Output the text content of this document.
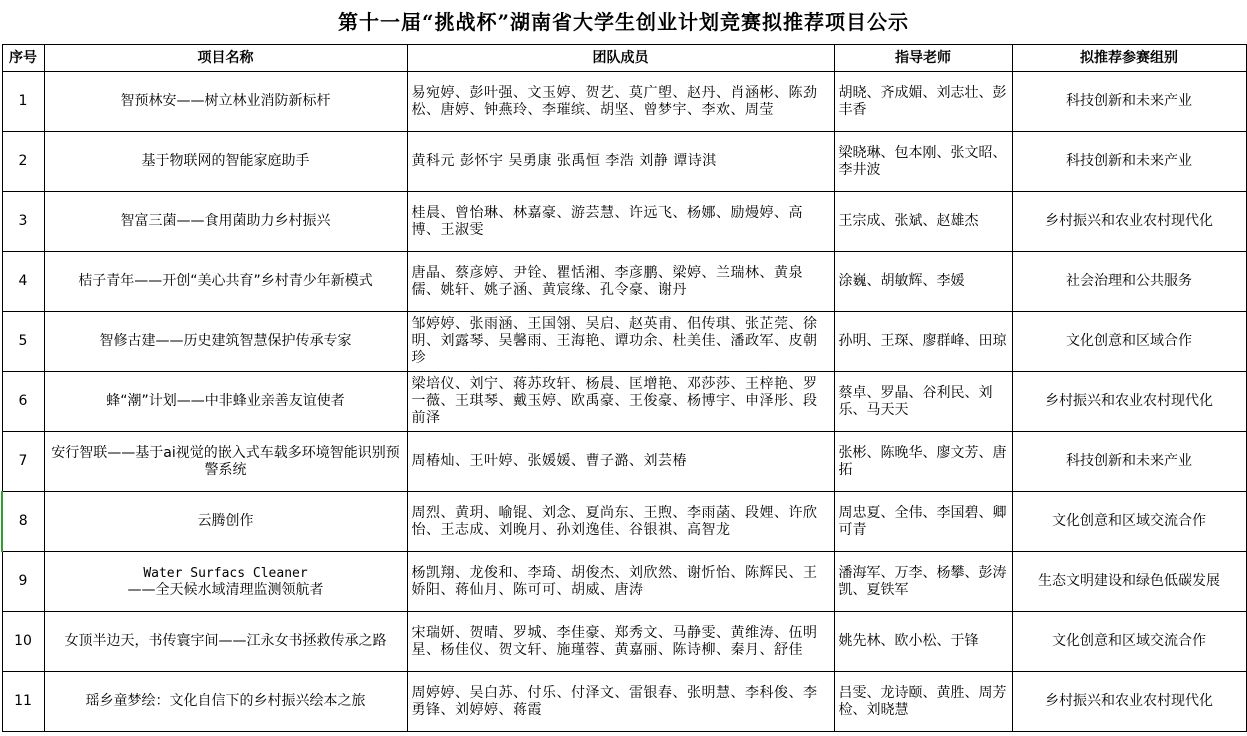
第十一届“挑战杯”湖南省大学生创业计划竞赛拟推荐项目公示
序号	项目名称	团队成员	指导老师	拟推荐参赛组别
1	智预林安——树立林业消防新标杆	易宛婷、彭叶强、文玉婷、贺艺、莫广塱、赵丹、肖涵彬、陈劲松、唐婷、钟燕玲、李璀缤、胡坚、曾梦宇、李欢、周莹	胡晓、齐成媚、刘志壮、彭丰香	科技创新和未来产业
2	基于物联网的智能家庭助手	黄科元 彭怀宇 吴勇康 张禹恒 李浩 刘静 谭诗淇	梁晓琳、包本刚、张文昭、李井波	科技创新和未来产业
3	智富三菌——食用菌助力乡村振兴	桂晨、曾怡琳、林嘉豪、游芸慧、许远飞、杨娜、励熳婷、高博、王淑雯	王宗成、张斌、赵雄杰	乡村振兴和农业农村现代化
4	桔子青年——开创“美心共育”乡村青少年新模式	唐晶、蔡彦婷、尹铨、瞿恬湘、李彦鹏、梁婷、兰瑞林、黄泉儒、姚轩、姚子涵、黄宸缘、孔令豪、谢丹	涂巍、胡敏辉、李媛	社会治理和公共服务
5	智修古建——历史建筑智慧保护传承专家	邹婷婷、张雨涵、王国翎、吴启、赵英甫、佀传琪、张芷莞、徐明、刘露琴、吴馨雨、王海艳、谭功余、杜美佳、潘政军、皮朝珍	孙明、王琛、廖群峰、田琼	文化创意和区域合作
6	蜂“潮”计划——中非蜂业亲善友谊使者	梁培仪、刘宁、蒋苏玫轩、杨晨、匡增艳、邓莎莎、王梓艳、罗一薇、王琪琴、戴玉婷、欧禹豪、王俊豪、杨博宇、申泽彤、段前泽	蔡卓、罗晶、谷利民、刘乐、马天天	乡村振兴和农业农村现代化
7	安行智联——基于ai视觉的嵌入式车载多环境智能识别预警系统	周椿灿、王叶婷、张媛媛、曹子潞、刘芸椿	张彬、陈晚华、廖文芳、唐拓	科技创新和未来产业
8	云腾创作	周烈、黄玥、喻锟、刘念、夏尚东、王煦、李雨菡、段娌、许欣怡、王志成、刘晚月、孙刘逸佳、谷银祺、高智龙	周忠夏、全伟、李国碧、卿可青	文化创意和区域交流合作
9	Water Surfacs Cleaner
——全天候水域清理监测领航者	杨凯翔、龙俊和、李琦、胡俊杰、刘欣然、谢忻怡、陈辉民、王娇阳、蒋仙月、陈可可、胡威、唐涛	潘海军、万李、杨攀、彭涛凯、夏铁军	生态文明建设和绿色低碳发展
10	女顶半边天，书传寰宇间——江永女书拯救传承之路	宋瑞妍、贺晴、罗城、李佳豪、郑秀文、马静雯、黄维涛、伍明星、杨佳仪、贺文轩、施瑾蓉、黄嘉丽、陈诗柳、秦月、舒佳	姚先林、欧小松、于锋	文化创意和区域交流合作
11	瑶乡童梦绘：文化自信下的乡村振兴绘本之旅	周婷婷、吴白苏、付乐、付泽文、雷银春、张明慧、李科俊、李勇锋、刘婷婷、蒋霞	吕雯、龙诗颐、黄胜、周芳检、刘晓慧	乡村振兴和农业农村现代化
